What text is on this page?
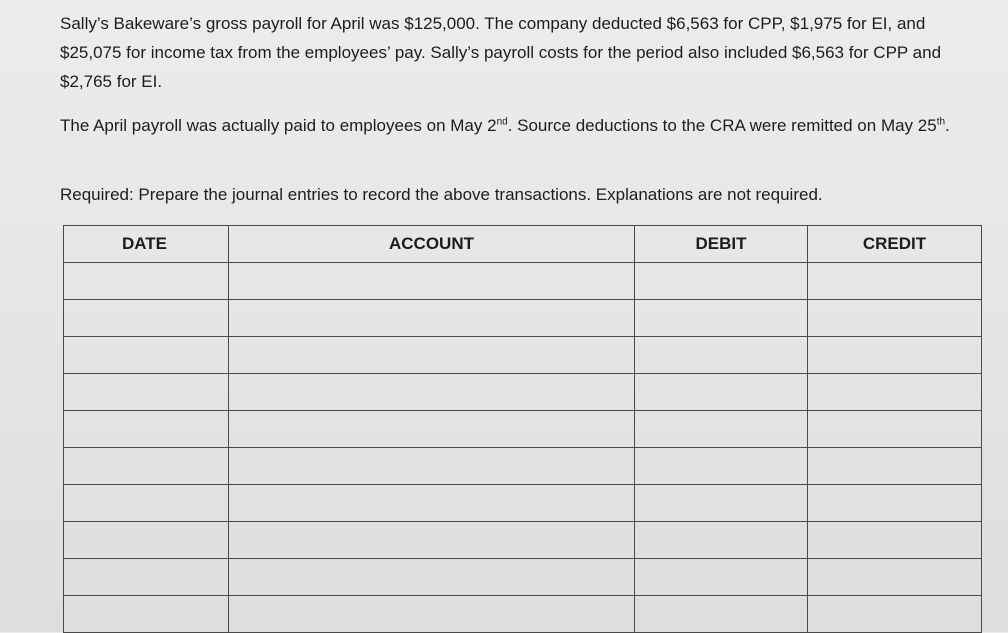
Sally’s Bakeware’s gross payroll for April was $125,000. The company deducted $6,563 for CPP, $1,975 for EI, and $25,075 for income tax from the employees’ pay. Sally’s payroll costs for the period also included $6,563 for CPP and $2,765 for EI.

The April payroll was actually paid to employees on May 2nd. Source deductions to the CRA were remitted on May 25th.

Required: Prepare the journal entries to record the above transactions. Explanations are not required.

DATE	ACCOUNT	DEBIT	CREDIT
